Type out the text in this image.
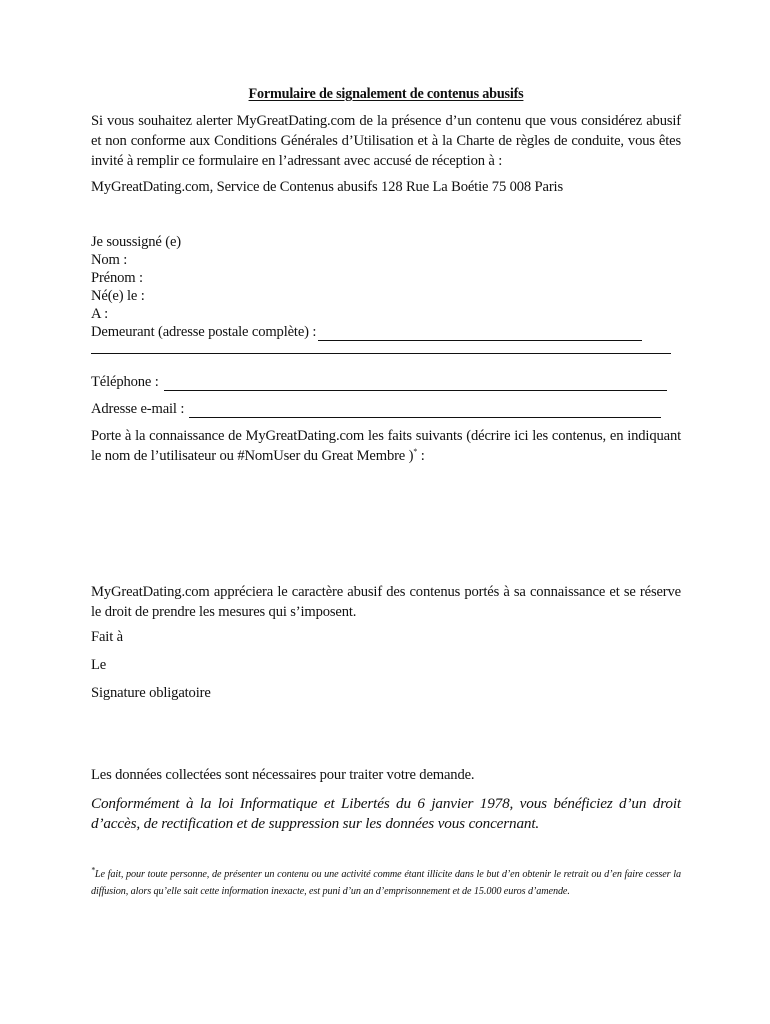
Formulaire de signalement de contenus abusifs
Si vous souhaitez alerter MyGreatDating.com de la présence d’un contenu que vous considérez abusif et non conforme aux Conditions Générales d’Utilisation et à la Charte de règles de conduite, vous êtes invité à remplir ce formulaire en l’adressant avec accusé de réception à :
MyGreatDating.com, Service de Contenus abusifs 128 Rue La Boétie 75 008 Paris
Je soussigné (e)
Nom :
Prénom :
Né(e) le :
A :
Demeurant (adresse postale complète) :
Téléphone :
Adresse e-mail :
Porte à la connaissance de MyGreatDating.com les faits suivants (décrire ici les contenus, en indiquant le nom de l’utilisateur ou #NomUser du Great Membre )* :
MyGreatDating.com appréciera le caractère abusif des contenus portés à sa connaissance et se réserve le droit de prendre les mesures qui s’imposent.
Fait à
Le
Signature obligatoire
Les données collectées sont nécessaires pour traiter votre demande.
Conformément à la loi Informatique et Libertés du 6 janvier 1978, vous bénéficiez d’un droit d’accès, de rectification et de suppression sur les données vous concernant.
*Le fait, pour toute personne, de présenter un contenu ou une activité comme étant illicite dans le but d’en obtenir le retrait ou d’en faire cesser la diffusion, alors qu’elle sait cette information inexacte, est puni d’un an d’emprisonnement et de 15.000 euros d’amende.
